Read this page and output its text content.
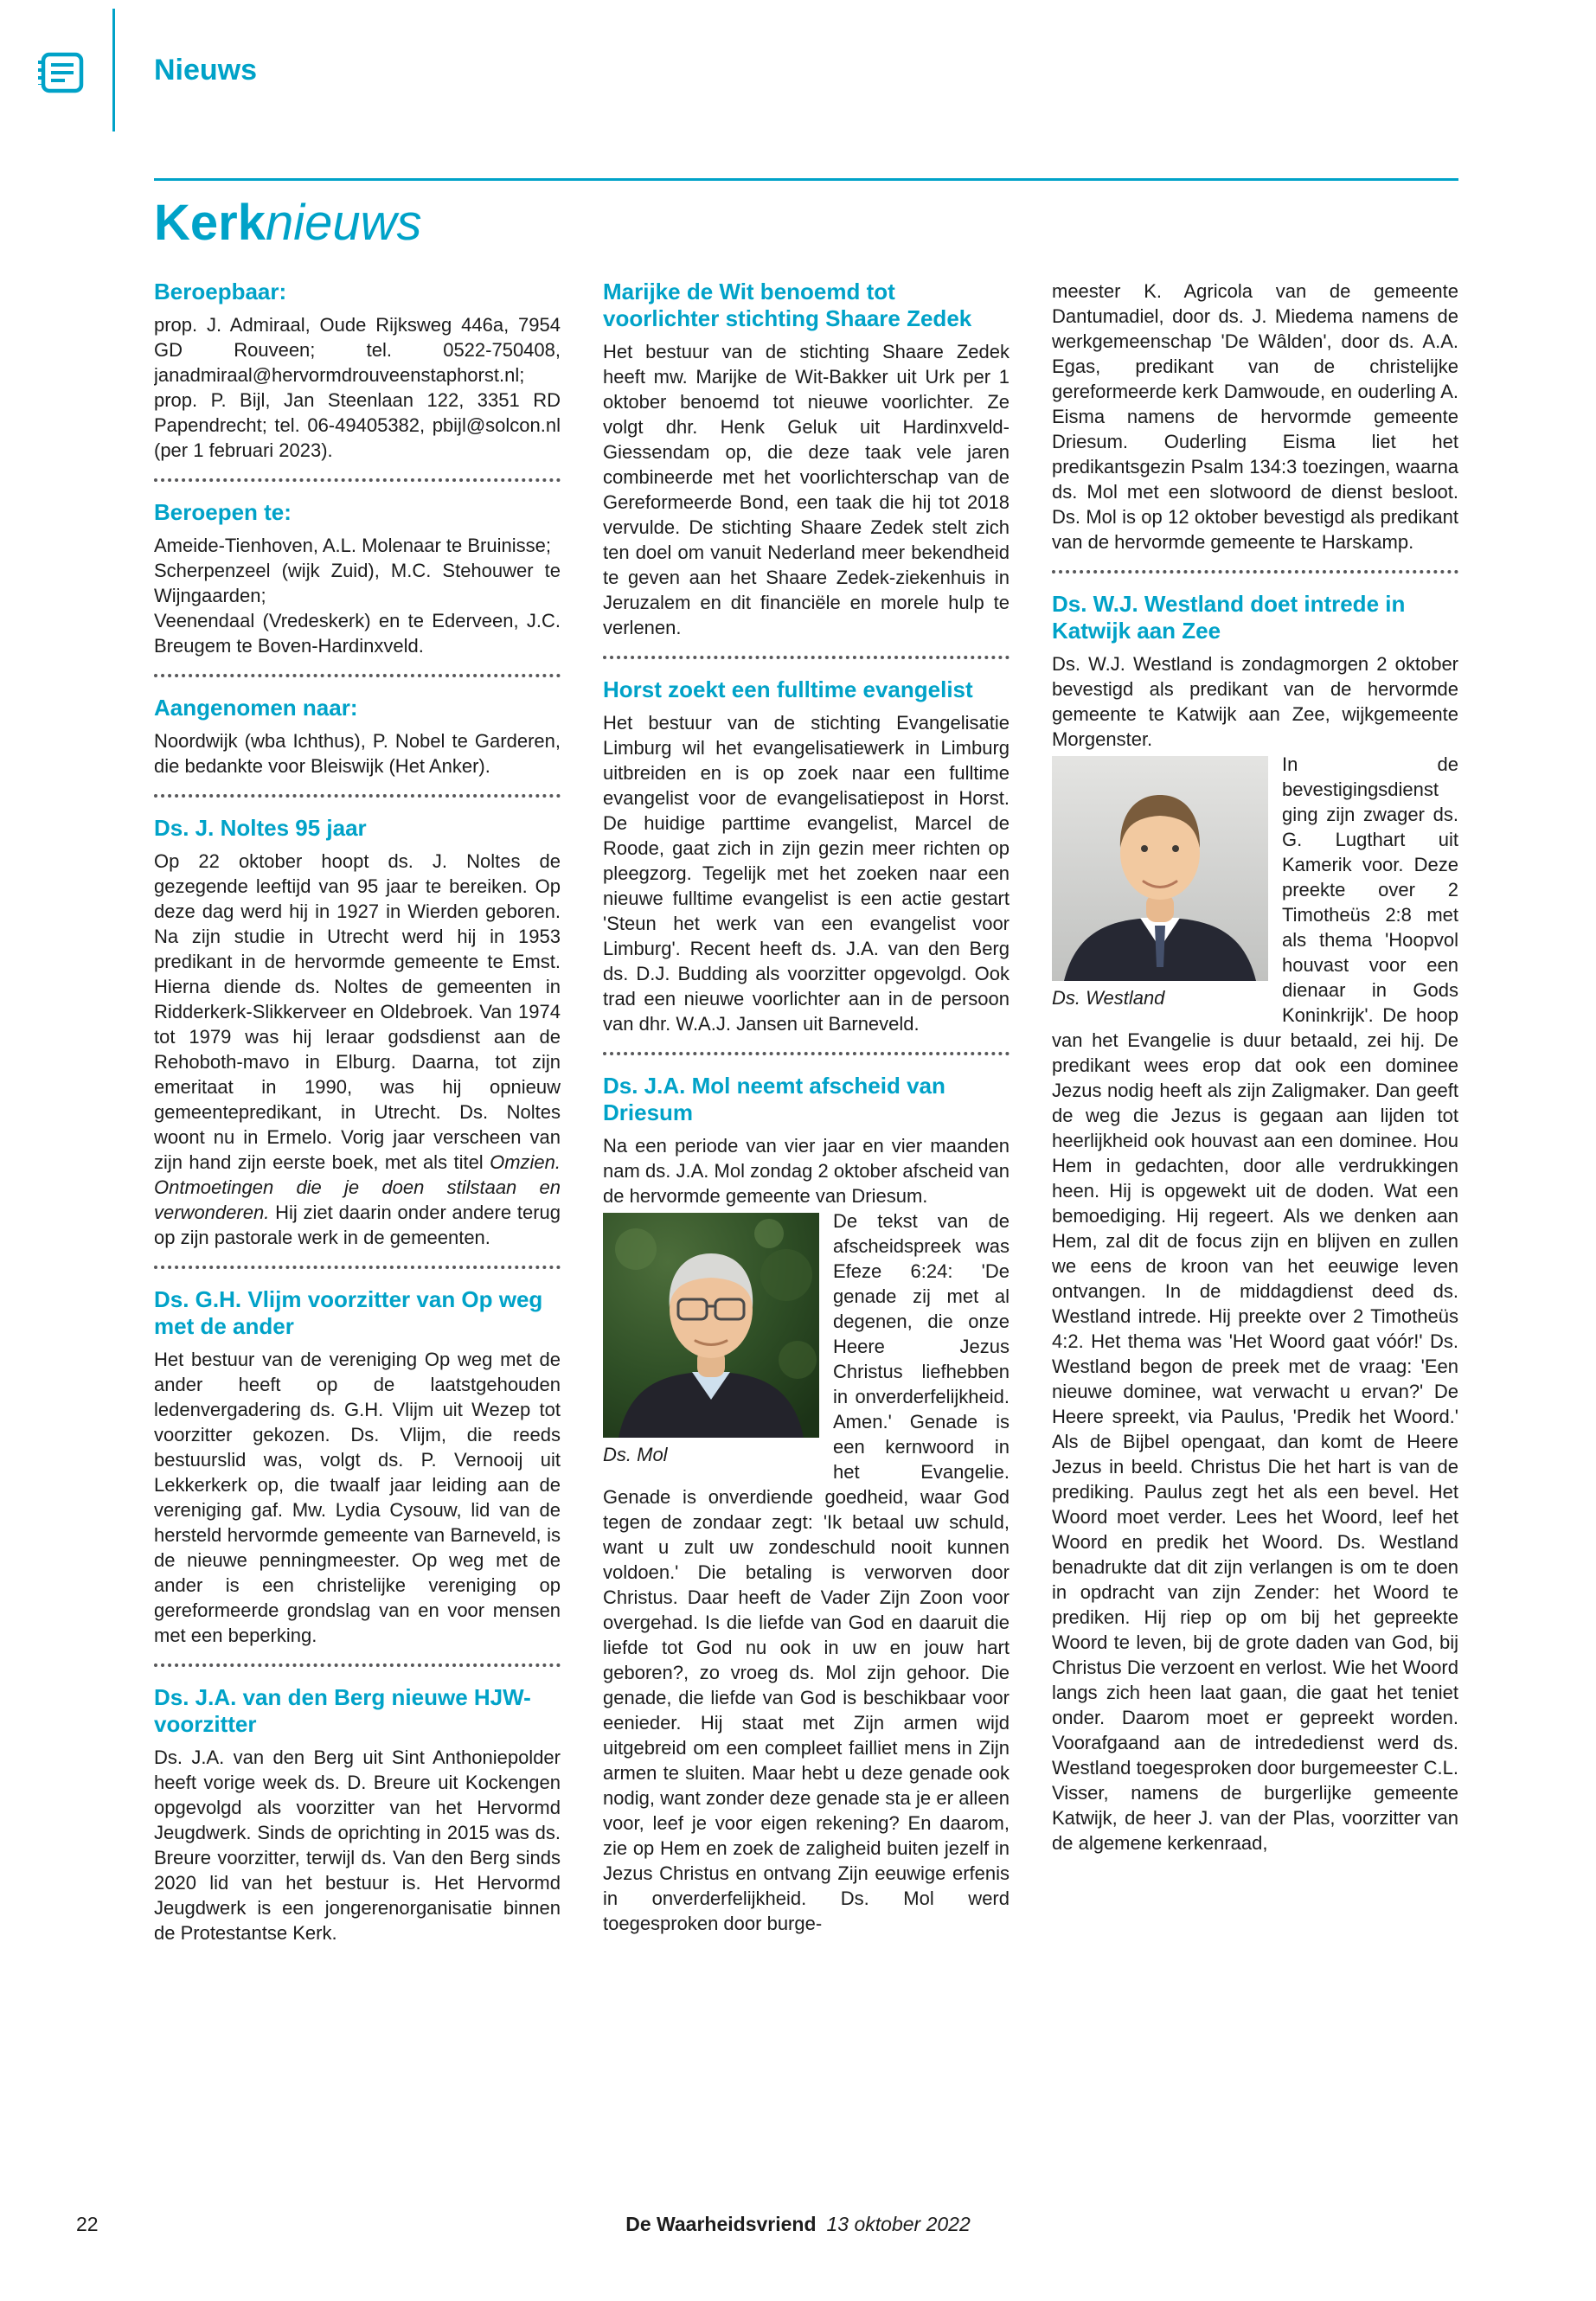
Nieuws
Kerknieuws
Beroepbaar:

prop. J. Admiraal, Oude Rijksweg 446a, 7954 GD Rouveen; tel. 0522-750408, janadmiraal@hervormdrouveenstaphorst.nl; prop. P. Bijl, Jan Steenlaan 122, 3351 RD Papendrecht; tel. 06-49405382, pbijl@solcon.nl (per 1 februari 2023).

Beroepen te:

Ameide-Tienhoven, A.L. Molenaar te Bruinisse;

Scherpenzeel (wijk Zuid), M.C. Stehouwer te Wijngaarden;

Veenendaal (Vredeskerk) en te Ederveen, J.C. Breugem te Boven-Hardinxveld.

Aangenomen naar:

Noordwijk (wba Ichthus), P. Nobel te Garderen, die bedankte voor Bleiswijk (Het Anker).

Ds. J. Noltes 95 jaar

Op 22 oktober hoopt ds. J. Noltes de gezegende leeftijd van 95 jaar te bereiken. Op deze dag werd hij in 1927 in Wierden geboren. Na zijn studie in Utrecht werd hij in 1953 predikant in de hervormde gemeente te Emst. Hierna diende ds. Noltes de gemeenten in Ridderkerk-Slikkerveer en Oldebroek. Van 1974 tot 1979 was hij leraar godsdienst aan de Rehoboth-mavo in Elburg. Daarna, tot zijn emeritaat in 1990, was hij opnieuw gemeentepredikant, in Utrecht. Ds. Noltes woont nu in Ermelo. Vorig jaar verscheen van zijn hand zijn eerste boek, met als titel Omzien. Ontmoetingen die je doen stilstaan en verwonderen. Hij ziet daarin onder andere terug op zijn pastorale werk in de gemeenten.

Ds. G.H. Vlijm voorzitter van Op weg met de ander

Het bestuur van de vereniging Op weg met de ander heeft op de laatstgehouden ledenvergadering ds. G.H. Vlijm uit Wezep tot voorzitter gekozen. Ds. Vlijm, die reeds bestuurslid was, volgt ds. P. Vernooij uit Lekkerkerk op, die twaalf jaar leiding aan de vereniging gaf. Mw. Lydia Cysouw, lid van de hersteld hervormde gemeente van Barneveld, is de nieuwe penningmeester. Op weg met de ander is een christelijke vereniging op gereformeerde grondslag van en voor mensen met een beperking.

Ds. J.A. van den Berg nieuwe HJW-voorzitter

Ds. J.A. van den Berg uit Sint Anthoniepolder heeft vorige week ds. D. Breure uit Kockengen opgevolgd als voorzitter van het Hervormd Jeugdwerk. Sinds de oprichting in 2015 was ds. Breure voorzitter, terwijl ds. Van den Berg sinds 2020 lid van het bestuur is. Het Hervormd Jeugdwerk is een jongerenorganisatie binnen de Protestantse Kerk.

Marijke de Wit benoemd tot voorlichter stichting Shaare Zedek

Het bestuur van de stichting Shaare Zedek heeft mw. Marijke de Wit-Bakker uit Urk per 1 oktober benoemd tot nieuwe voorlichter. Ze volgt dhr. Henk Geluk uit Hardinxveld-Giessendam op, die deze taak vele jaren combineerde met het voorlichterschap van de Gereformeerde Bond, een taak die hij tot 2018 vervulde. De stichting Shaare Zedek stelt zich ten doel om vanuit Nederland meer bekendheid te geven aan het Shaare Zedek-ziekenhuis in Jeruzalem en dit financiële en morele hulp te verlenen.

Horst zoekt een fulltime evangelist

Het bestuur van de stichting Evangelisatie Limburg wil het evangelisatiewerk in Limburg uitbreiden en is op zoek naar een fulltime evangelist voor de evangelisatiepost in Horst. De huidige parttime evangelist, Marcel de Roode, gaat zich in zijn gezin meer richten op pleegzorg. Tegelijk met het zoeken naar een nieuwe fulltime evangelist is een actie gestart 'Steun het werk van een evangelist voor Limburg'. Recent heeft ds. J.A. van den Berg ds. D.J. Budding als voorzitter opgevolgd. Ook trad een nieuwe voorlichter aan in de persoon van dhr. W.A.J. Jansen uit Barneveld.

Ds. J.A. Mol neemt afscheid van Driesum

Na een periode van vier jaar en vier maanden nam ds. J.A. Mol zondag 2 oktober afscheid van de hervormde gemeente van Driesum.

Ds. Mol

De tekst van de afscheidspreek was Efeze 6:24: 'De genade zij met al degenen, die onze Heere Jezus Christus liefhebben in onverderfelijkheid. Amen.' Genade is een kernwoord in het Evangelie. Genade is onverdiende goedheid, waar God tegen de zondaar zegt: 'Ik betaal uw schuld, want u zult uw zondeschuld nooit kunnen voldoen.' Die betaling is verworven door Christus. Daar heeft de Vader Zijn Zoon voor overgehad. Is die liefde van God en daaruit die liefde tot God nu ook in uw en jouw hart geboren?, zo vroeg ds. Mol zijn gehoor. Die genade, die liefde van God is beschikbaar voor eenieder. Hij staat met Zijn armen wijd uitgebreid om een compleet failliet mens in Zijn armen te sluiten. Maar hebt u deze genade ook nodig, want zonder deze genade sta je er alleen voor, leef je voor eigen rekening? En daarom, zie op Hem en zoek de zaligheid buiten jezelf in Jezus Christus en ontvang Zijn eeuwige erfenis in onverderfelijkheid. Ds. Mol werd toegesproken door burge-

meester K. Agricola van de gemeente Dantumadiel, door ds. J. Miedema namens de werkgemeenschap 'De Wâlden', door ds. A.A. Egas, predikant van de christelijke gereformeerde kerk Damwoude, en ouderling A. Eisma namens de hervormde gemeente Driesum. Ouderling Eisma liet het predikantsgezin Psalm 134:3 toezingen, waarna ds. Mol met een slotwoord de dienst besloot. Ds. Mol is op 12 oktober bevestigd als predikant van de hervormde gemeente te Harskamp.

Ds. W.J. Westland doet intrede in Katwijk aan Zee

Ds. W.J. Westland is zondagmorgen 2 oktober bevestigd als predikant van de hervormde gemeente te Katwijk aan Zee, wijkgemeente Morgenster.

Ds. Westland

In de bevestigingsdienst ging zijn zwager ds. G. Lugthart uit Kamerik voor. Deze preekte over 2 Timotheüs 2:8 met als thema 'Hoopvol houvast voor een dienaar in Gods Koninkrijk'. De hoop van het Evangelie is duur betaald, zei hij. De predikant wees erop dat ook een dominee Jezus nodig heeft als zijn Zaligmaker. Dan geeft de weg die Jezus is gegaan aan lijden tot heerlijkheid ook houvast aan een dominee. Hou Hem in gedachten, door alle verdrukkingen heen. Hij is opgewekt uit de doden. Wat een bemoediging. Hij regeert. Als we denken aan Hem, zal dit de focus zijn en blijven en zullen we eens de kroon van het eeuwige leven ontvangen. In de middagdienst deed ds. Westland intrede. Hij preekte over 2 Timotheüs 4:2. Het thema was 'Het Woord gaat vóór!' Ds. Westland begon de preek met de vraag: 'Een nieuwe dominee, wat verwacht u ervan?' De Heere spreekt, via Paulus, 'Predik het Woord.' Als de Bijbel opengaat, dan komt de Heere Jezus in beeld. Christus Die het hart is van de prediking. Paulus zegt het als een bevel. Het Woord moet verder. Lees het Woord, leef het Woord en predik het Woord. Ds. Westland benadrukte dat dit zijn verlangen is om te doen in opdracht van zijn Zender: het Woord te prediken. Hij riep op om bij het gepreekte Woord te leven, bij de grote daden van God, bij Christus Die verzoent en verlost. Wie het Woord langs zich heen laat gaan, die gaat het teniet onder. Daarom moet er gepreekt worden. Voorafgaand aan de intrededienst werd ds. Westland toegesproken door burgemeester C.L. Visser, namens de burgerlijke gemeente Katwijk, de heer J. van der Plas, voorzitter van de algemene kerkenraad,

22	De Waarheidsvriend 13 oktober 2022
